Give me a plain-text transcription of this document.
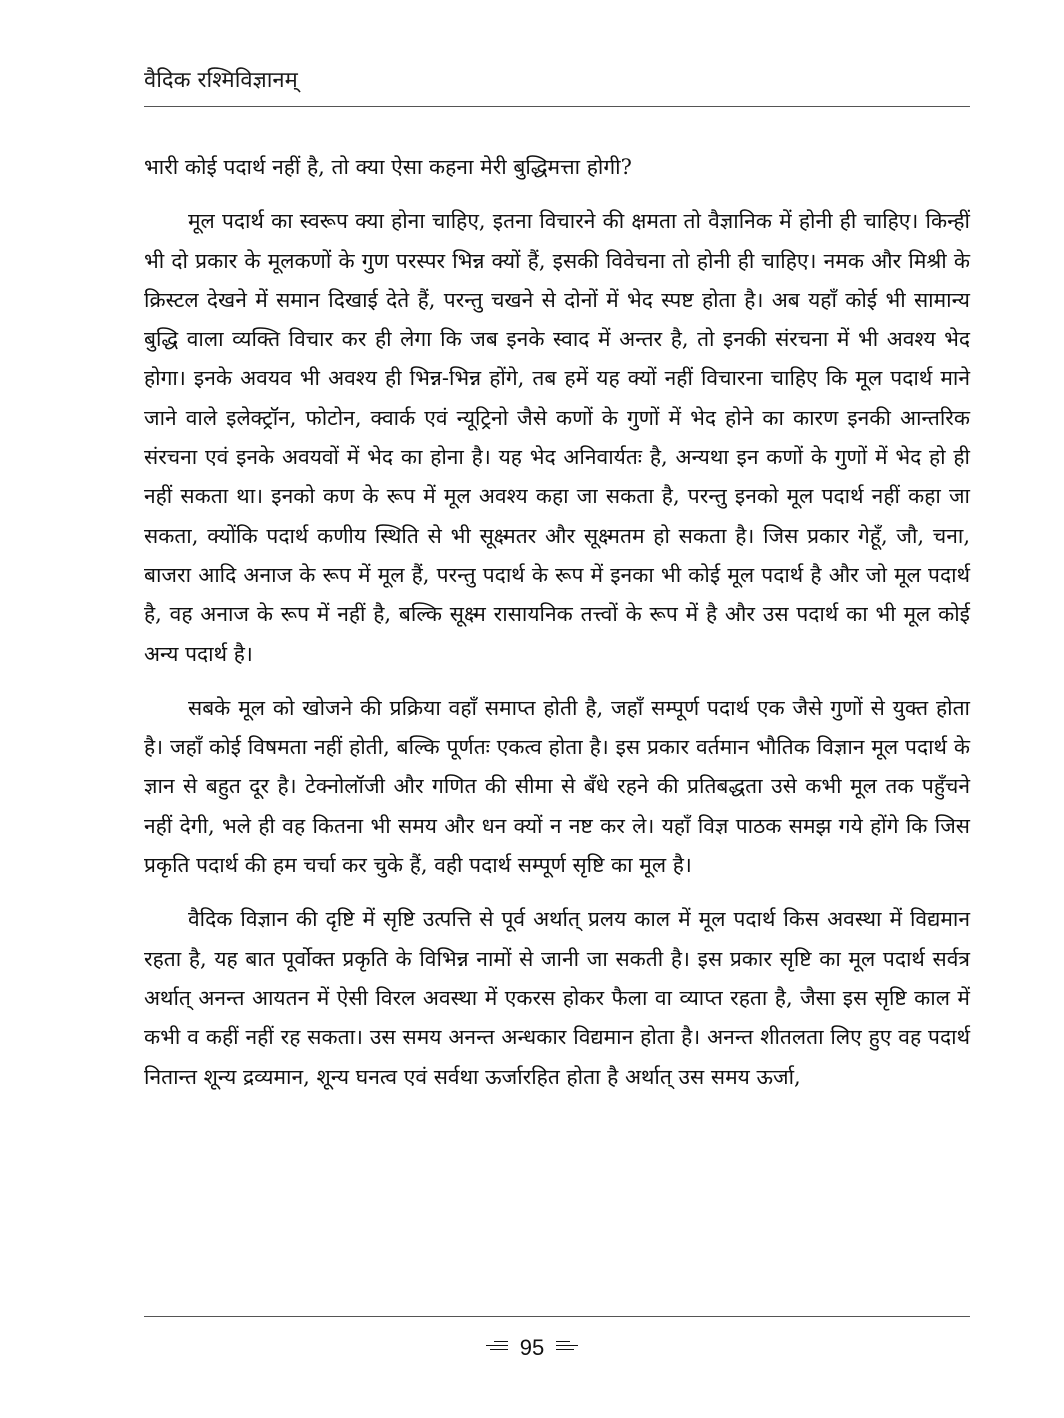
वैदिक रश्मिविज्ञानम्

भारी कोई पदार्थ नहीं है, तो क्या ऐसा कहना मेरी बुद्धिमत्ता होगी?

मूल पदार्थ का स्वरूप क्या होना चाहिए, इतना विचारने की क्षमता तो वैज्ञानिक में होनी ही चाहिए। किन्हीं भी दो प्रकार के मूलकणों के गुण परस्पर भिन्न क्यों हैं, इसकी विवेचना तो होनी ही चाहिए। नमक और मिश्री के क्रिस्टल देखने में समान दिखाई देते हैं, परन्तु चखने से दोनों में भेद स्पष्ट होता है। अब यहाँ कोई भी सामान्य बुद्धि वाला व्यक्ति विचार कर ही लेगा कि जब इनके स्वाद में अन्तर है, तो इनकी संरचना में भी अवश्य भेद होगा। इनके अवयव भी अवश्य ही भिन्न-भिन्न होंगे, तब हमें यह क्यों नहीं विचारना चाहिए कि मूल पदार्थ माने जाने वाले इलेक्ट्रॉन, फोटोन, क्वार्क एवं न्यूट्रिनो जैसे कणों के गुणों में भेद होने का कारण इनकी आन्तरिक संरचना एवं इनके अवयवों में भेद का होना है। यह भेद अनिवार्यतः है, अन्यथा इन कणों के गुणों में भेद हो ही नहीं सकता था। इनको कण के रूप में मूल अवश्य कहा जा सकता है, परन्तु इनको मूल पदार्थ नहीं कहा जा सकता, क्योंकि पदार्थ कणीय स्थिति से भी सूक्ष्मतर और सूक्ष्मतम हो सकता है। जिस प्रकार गेहूँ, जौ, चना, बाजरा आदि अनाज के रूप में मूल हैं, परन्तु पदार्थ के रूप में इनका भी कोई मूल पदार्थ है और जो मूल पदार्थ है, वह अनाज के रूप में नहीं है, बल्कि सूक्ष्म रासायनिक तत्त्वों के रूप में है और उस पदार्थ का भी मूल कोई अन्य पदार्थ है।

सबके मूल को खोजने की प्रक्रिया वहाँ समाप्त होती है, जहाँ सम्पूर्ण पदार्थ एक जैसे गुणों से युक्त होता है। जहाँ कोई विषमता नहीं होती, बल्कि पूर्णतः एकत्व होता है। इस प्रकार वर्तमान भौतिक विज्ञान मूल पदार्थ के ज्ञान से बहुत दूर है। टेक्नोलॉजी और गणित की सीमा से बँधे रहने की प्रतिबद्धता उसे कभी मूल तक पहुँचने नहीं देगी, भले ही वह कितना भी समय और धन क्यों न नष्ट कर ले। यहाँ विज्ञ पाठक समझ गये होंगे कि जिस प्रकृति पदार्थ की हम चर्चा कर चुके हैं, वही पदार्थ सम्पूर्ण सृष्टि का मूल है।

वैदिक विज्ञान की दृष्टि में सृष्टि उत्पत्ति से पूर्व अर्थात् प्रलय काल में मूल पदार्थ किस अवस्था में विद्यमान रहता है, यह बात पूर्वोक्त प्रकृति के विभिन्न नामों से जानी जा सकती है। इस प्रकार सृष्टि का मूल पदार्थ सर्वत्र अर्थात् अनन्त आयतन में ऐसी विरल अवस्था में एकरस होकर फैला वा व्याप्त रहता है, जैसा इस सृष्टि काल में कभी व कहीं नहीं रह सकता। उस समय अनन्त अन्धकार विद्यमान होता है। अनन्त शीतलता लिए हुए वह पदार्थ नितान्त शून्य द्रव्यमान, शून्य घनत्व एवं सर्वथा ऊर्जारहित होता है अर्थात् उस समय ऊर्जा,

95
